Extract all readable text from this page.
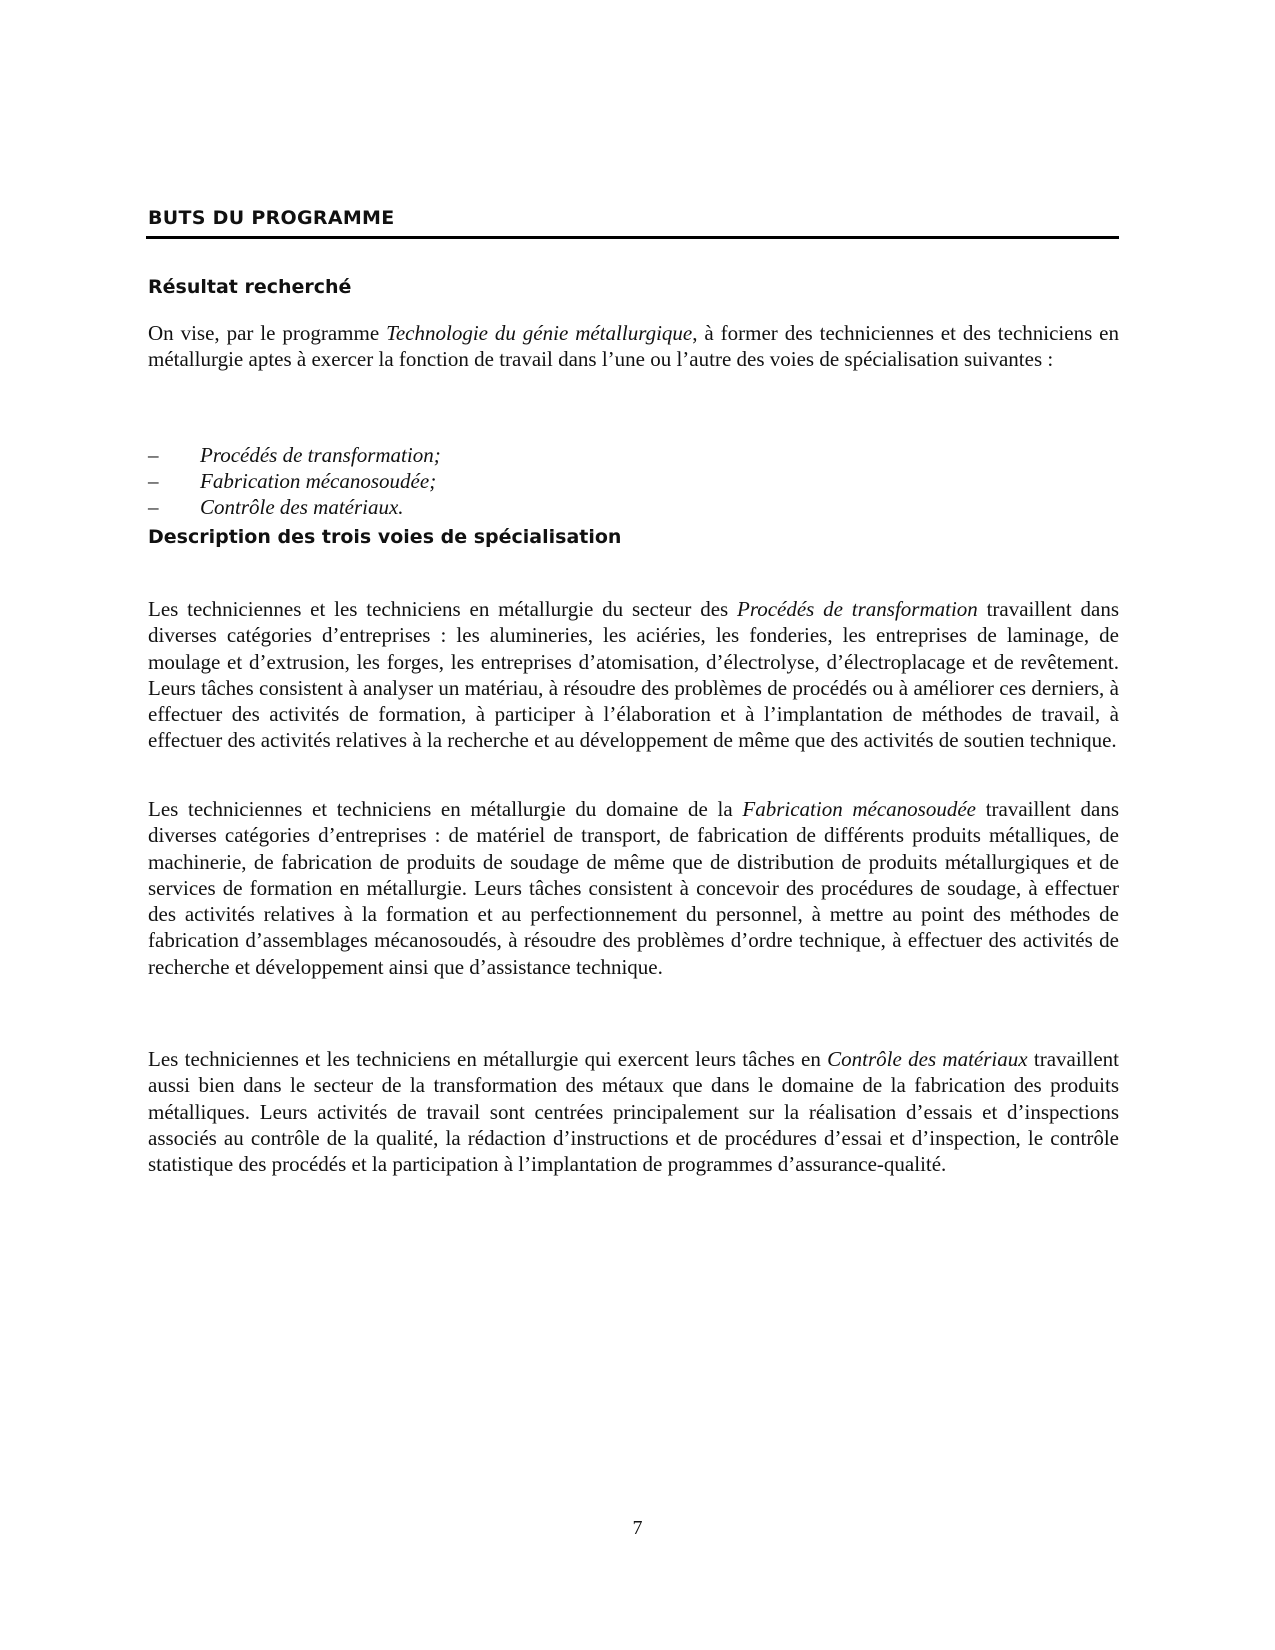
BUTS DU PROGRAMME
Résultat recherché

On vise, par le programme Technologie du génie métallurgique, à former des techniciennes et des techniciens en métallurgie aptes à exercer la fonction de travail dans l’une ou l’autre des voies de spécialisation suivantes :

–	Procédés de transformation;
–	Fabrication mécanosoudée;
–	Contrôle des matériaux.
Description des trois voies de spécialisation

Les techniciennes et les techniciens en métallurgie du secteur des Procédés de transformation travaillent dans diverses catégories d’entreprises : les alumineries, les aciéries, les fonderies, les entreprises de laminage, de moulage et d’extrusion, les forges, les entreprises d’atomisation, d’électrolyse, d’électroplacage et de revêtement. Leurs tâches consistent à analyser un matériau, à résoudre des problèmes de procédés ou à améliorer ces derniers, à effectuer des activités de formation, à participer à l’élaboration et à l’implantation de méthodes de travail, à effectuer des activités relatives à la recherche et au développement de même que des activités de soutien technique.

Les techniciennes et techniciens en métallurgie du domaine de la Fabrication mécanosoudée travaillent dans diverses catégories d’entreprises : de matériel de transport, de fabrication de différents produits métalliques, de machinerie, de fabrication de produits de soudage de même que de distribution de produits métallurgiques et de services de formation en métallurgie. Leurs tâches consistent à concevoir des procédures de soudage, à effectuer des activités relatives à la formation et au perfectionnement du personnel, à mettre au point des méthodes de fabrication d’assemblages mécanosoudés, à résoudre des problèmes d’ordre technique, à effectuer des activités de recherche et développement ainsi que d’assistance technique.

Les techniciennes et les techniciens en métallurgie qui exercent leurs tâches en Contrôle des matériaux travaillent aussi bien dans le secteur de la transformation des métaux que dans le domaine de la fabrication des produits métalliques. Leurs activités de travail sont centrées principalement sur la réalisation d’essais et d’inspections associés au contrôle de la qualité, la rédaction d’instructions et de procédures d’essai et d’inspection, le contrôle statistique des procédés et la participation à l’implantation de programmes d’assurance-qualité.

7
